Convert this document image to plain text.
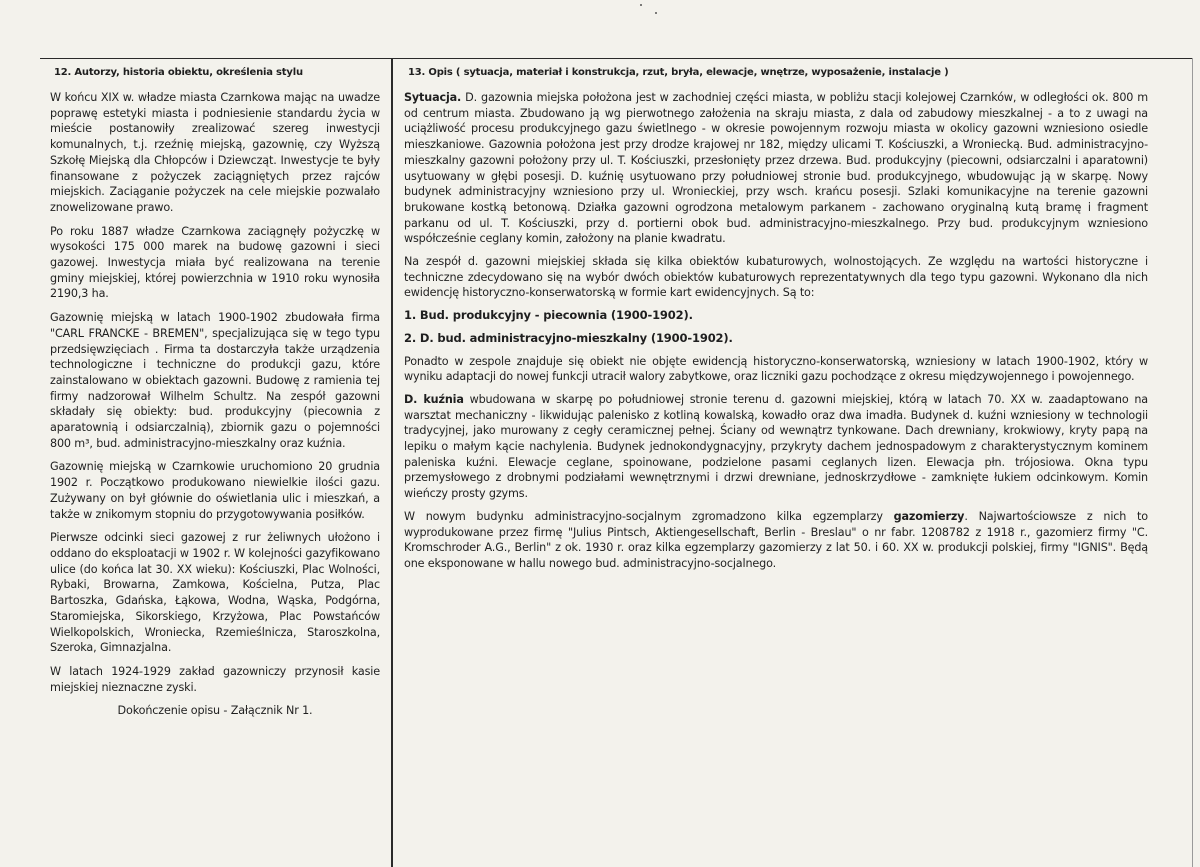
12. Autorzy, historia obiektu, określenia stylu

W końcu XIX w. władze miasta Czarnkowa mając na uwadze poprawę estetyki miasta i podniesienie standardu życia w mieście postanowiły zrealizować szereg inwestycji komunalnych, t.j. rzeźnię miejską, gazownię, czy Wyższą Szkołę Miejską dla Chłopców i Dziewcząt. Inwestycje te były finansowane z pożyczek zaciągniętych przez rajców miejskich. Zaciąganie pożyczek na cele miejskie pozwalało znowelizowane prawo.

Po roku 1887 władze Czarnkowa zaciągnęły pożyczkę w wysokości 175 000 marek na budowę gazowni i sieci gazowej. Inwestycja miała być realizowana na terenie gminy miejskiej, której powierzchnia w 1910 roku wynosiła 2190,3 ha.

Gazownię miejską w latach 1900-1902 zbudowała firma "CARL FRANCKE - BREMEN", specjalizująca się w tego typu przedsięwzięciach . Firma ta dostarczyła także urządzenia technologiczne i techniczne do produkcji gazu, które zainstalowano w obiektach gazowni. Budowę z ramienia tej firmy nadzorował Wilhelm Schultz. Na zespół gazowni składały się obiekty: bud. produkcyjny (piecownia z aparatownią i odsiarczalnią), zbiornik gazu o pojemności 800 m³, bud. administracyjno-mieszkalny oraz kuźnia.

Gazownię miejską w Czarnkowie uruchomiono 20 grudnia 1902 r. Początkowo produkowano niewielkie ilości gazu. Zużywany on był głównie do oświetlania ulic i mieszkań, a także w znikomym stopniu do przygotowywania posiłków.

Pierwsze odcinki sieci gazowej z rur żeliwnych ułożono i oddano do eksploatacji w 1902 r. W kolejności gazyfikowano ulice (do końca lat 30. XX wieku): Kościuszki, Plac Wolności, Rybaki, Browarna, Zamkowa, Kościelna, Putza, Plac Bartoszka, Gdańska, Łąkowa, Wodna, Wąska, Podgórna, Staromiejska, Sikorskiego, Krzyżowa, Plac Powstańców Wielkopolskich, Wroniecka, Rzemieślnicza, Staroszkolna, Szeroka, Gimnazjalna.

W latach 1924-1929 zakład gazowniczy przynosił kasie miejskiej nieznaczne zyski.

Dokończenie opisu - Załącznik Nr 1.

13. Opis ( sytuacja, materiał i konstrukcja, rzut, bryła, elewacje, wnętrze, wyposażenie, instalacje )

Sytuacja. D. gazownia miejska położona jest w zachodniej części miasta, w pobliżu stacji kolejowej Czarnków, w odległości ok. 800 m od centrum miasta. Zbudowano ją wg pierwotnego założenia na skraju miasta, z dala od zabudowy mieszkalnej - a to z uwagi na uciążliwość procesu produkcyjnego gazu świetlnego - w okresie powojennym rozwoju miasta w okolicy gazowni wzniesiono osiedle mieszkaniowe. Gazownia położona jest przy drodze krajowej nr 182, między ulicami T. Kościuszki, a Wroniecką. Bud. administracyjno-mieszkalny gazowni położony przy ul. T. Kościuszki, przesłonięty przez drzewa. Bud. produkcyjny (piecowni, odsiarczalni i aparatowni) usytuowany w głębi posesji. D. kuźnię usytuowano przy południowej stronie bud. produkcyjnego, wbudowując ją w skarpę. Nowy budynek administracyjny wzniesiono przy ul. Wronieckiej, przy wsch. krańcu posesji. Szlaki komunikacyjne na terenie gazowni brukowane kostką betonową. Działka gazowni ogrodzona metalowym parkanem - zachowano oryginalną kutą bramę i fragment parkanu od ul. T. Kościuszki, przy d. portierni obok bud. administracyjno-mieszkalnego. Przy bud. produkcyjnym wzniesiono współcześnie ceglany komin, założony na planie kwadratu.

Na zespół d. gazowni miejskiej składa się kilka obiektów kubaturowych, wolnostojących. Ze względu na wartości historyczne i techniczne zdecydowano się na wybór dwóch obiektów kubaturowych reprezentatywnych dla tego typu gazowni. Wykonano dla nich ewidencję historyczno-konserwatorską w formie kart ewidencyjnych. Są to:

1. Bud. produkcyjny - piecownia (1900-1902).

2. D. bud. administracyjno-mieszkalny (1900-1902).

Ponadto w zespole znajduje się obiekt nie objęte ewidencją historyczno-konserwatorską, wzniesiony w latach 1900-1902, który w wyniku adaptacji do nowej funkcji utracił walory zabytkowe, oraz liczniki gazu pochodzące z okresu międzywojennego i powojennego.

D. kuźnia wbudowana w skarpę po południowej stronie terenu d. gazowni miejskiej, którą w latach 70. XX w. zaadaptowano na warsztat mechaniczny - likwidując palenisko z kotliną kowalską, kowadło oraz dwa imadła. Budynek d. kuźni wzniesiony w technologii tradycyjnej, jako murowany z cegły ceramicznej pełnej. Ściany od wewnątrz tynkowane. Dach drewniany, krokwiowy, kryty papą na lepiku o małym kącie nachylenia. Budynek jednokondygnacyjny, przykryty dachem jednospadowym z charakterystycznym kominem paleniska kuźni. Elewacje ceglane, spoinowane, podzielone pasami ceglanych lizen. Elewacja płn. trójosiowa. Okna typu przemysłowego z drobnymi podziałami wewnętrznymi i drzwi drewniane, jednoskrzydłowe - zamknięte łukiem odcinkowym. Komin wieńczy prosty gzyms.

W nowym budynku administracyjno-socjalnym zgromadzono kilka egzemplarzy gazomierzy. Najwartościowsze z nich to wyprodukowane przez firmę "Julius Pintsch, Aktiengesellschaft, Berlin - Breslau" o nr fabr. 1208782 z 1918 r., gazomierz firmy "C. Kromschroder A.G., Berlin" z ok. 1930 r. oraz kilka egzemplarzy gazomierzy z lat 50. i 60. XX w. produkcji polskiej, firmy "IGNIS". Będą one eksponowane w hallu nowego bud. administracyjno-socjalnego.
